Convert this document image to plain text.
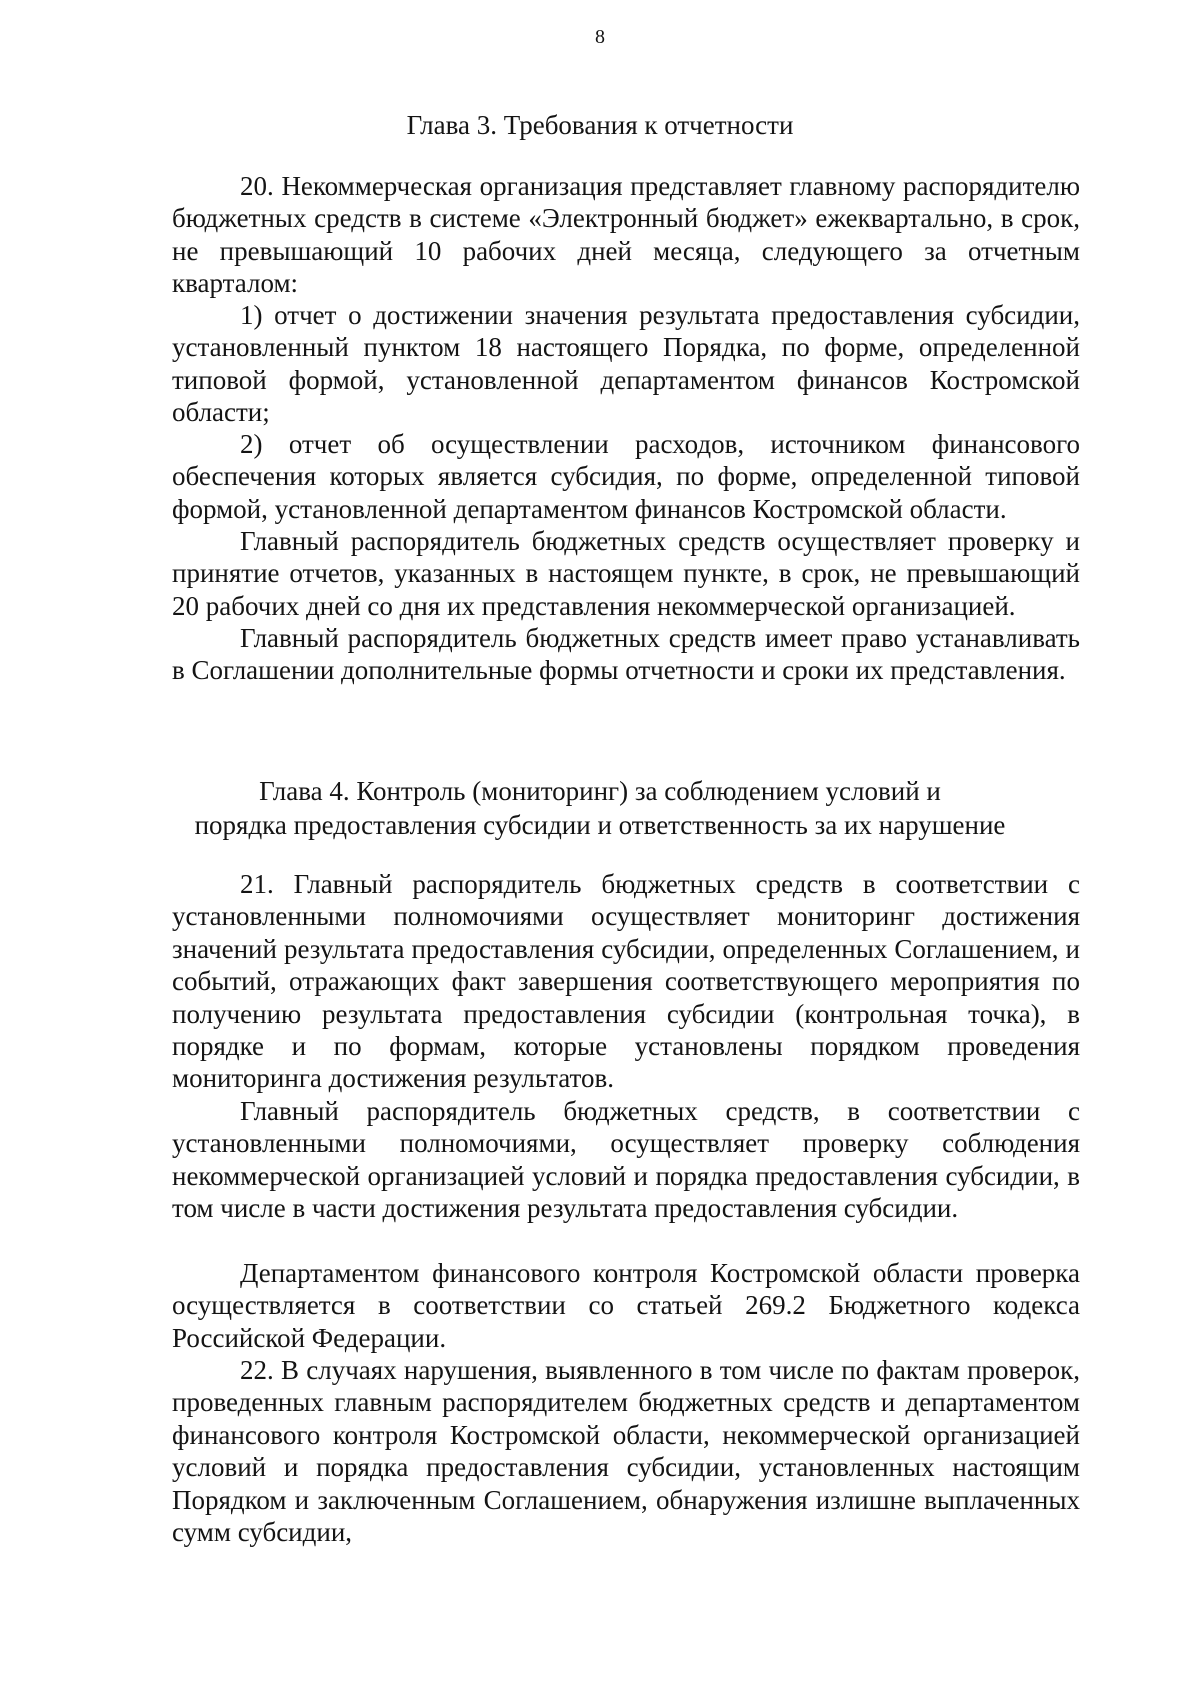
8
Глава 3. Требования к отчетности
20. Некоммерческая организация представляет главному распорядителю бюджетных средств в системе «Электронный бюджет» ежеквартально, в срок, не превышающий 10 рабочих дней месяца, следующего за отчетным кварталом:
1) отчет о достижении значения результата предоставления субсидии, установленный пунктом 18 настоящего Порядка, по форме, определенной типовой формой, установленной департаментом финансов Костромской области;
2) отчет об осуществлении расходов, источником финансового обеспечения которых является субсидия, по форме, определенной типовой формой, установленной департаментом финансов Костромской области.
Главный распорядитель бюджетных средств осуществляет проверку и принятие отчетов, указанных в настоящем пункте, в срок, не превышающий 20 рабочих дней со дня их представления некоммерческой организацией.
Главный распорядитель бюджетных средств имеет право устанавливать в Соглашении дополнительные формы отчетности и сроки их представления.
Глава 4. Контроль (мониторинг) за соблюдением условий и
порядка предоставления субсидии и ответственность за их нарушение
21. Главный распорядитель бюджетных средств в соответствии с установленными полномочиями осуществляет мониторинг достижения значений результата предоставления субсидии, определенных Соглашением, и событий, отражающих факт завершения соответствующего мероприятия по получению результата предоставления субсидии (контрольная точка), в порядке и по формам, которые установлены порядком проведения мониторинга достижения результатов.
Главный распорядитель бюджетных средств, в соответствии с установленными полномочиями, осуществляет проверку соблюдения некоммерческой организацией условий и порядка предоставления субсидии, в том числе в части достижения результата предоставления субсидии.
Департаментом финансового контроля Костромской области проверка осуществляется в соответствии со статьей 269.2 Бюджетного кодекса Российской Федерации.
22. В случаях нарушения, выявленного в том числе по фактам проверок, проведенных главным распорядителем бюджетных средств и департаментом финансового контроля Костромской области, некоммерческой организацией условий и порядка предоставления субсидии, установленных настоящим Порядком и заключенным Соглашением, обнаружения излишне выплаченных сумм субсидии,
